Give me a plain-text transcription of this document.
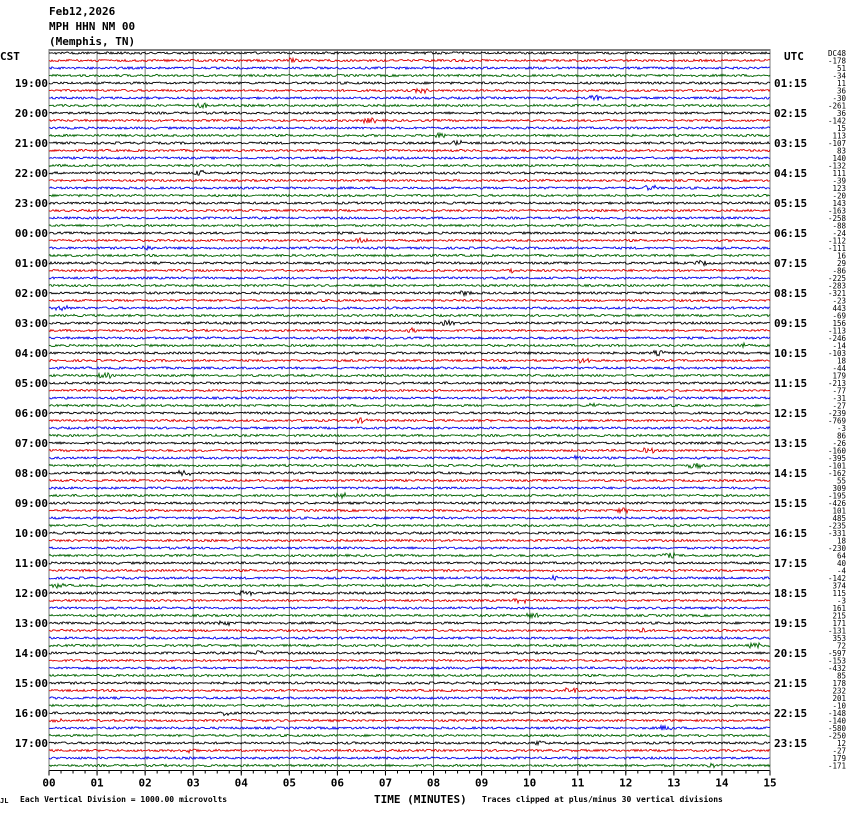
Feb12,2026
MPH HHN NM 00
(Memphis, TN)
00	01	02	03	04	05	06	07	08	09	10	11	12	13	14	15
DC48
-178
51
-34
11
36
-30
-261
36
-142
15
113
-107
83
140
-132
111
-39
123
-20
143
-163
-258
-88
-24
-112
-111
16
29
-86
-225
-283
-321
-23
443
-69
156
-113
-246
-14
-103
18
-44
179
-213
-77
-31
-27
-239
-769
-3
86
-26
-160
-395
-101
-162
55
309
-195
-426
101
485
-235
-331
18
-230
64
40
-4
-142
374
115
-3
161
215
171
-131
353
72
-597
-153
-432
85
178
232
201
-10
-148
-140
-580
-250
12
-27
179
-171
CST	UTC
19:00	01:15
20:00	02:15
21:00	03:15
22:00	04:15
23:00	05:15
00:00	06:15
01:00	07:15
02:00	08:15
03:00	09:15
04:00	10:15
05:00	11:15
06:00	12:15
07:00	13:15
08:00	14:15
09:00	15:15
10:00	16:15
11:00	17:15
12:00	18:15
13:00	19:15
14:00	20:15
15:00	21:15
16:00	22:15
17:00	23:15
JL Each Vertical Division = 1000.00 microvolts	TIME (MINUTES) Traces clipped at plus/minus 30 vertical divisions
